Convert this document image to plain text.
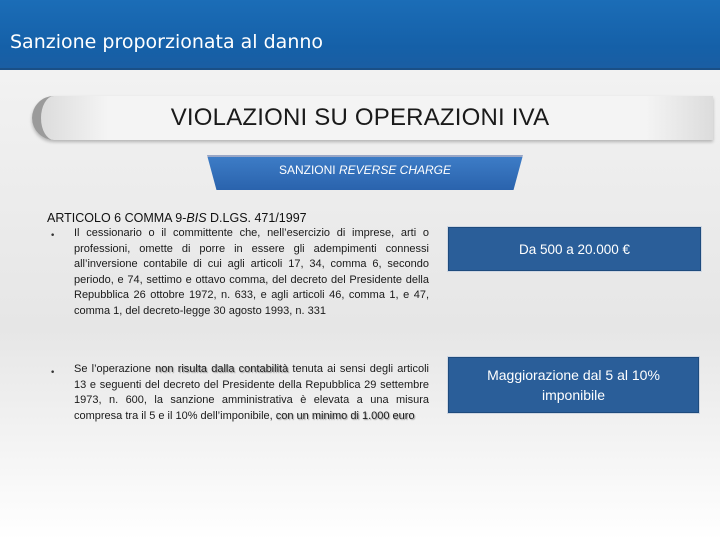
Sanzione proporzionata al danno
VIOLAZIONI SU OPERAZIONI IVA
SANZIONI REVERSE CHARGE
ARTICOLO 6 COMMA 9-BIS D.LGS. 471/1997
• Il cessionario o il committente che, nell’esercizio di imprese, arti o professioni, omette di porre in essere gli adempimenti connessi all’inversione contabile di cui agli articoli 17, 34, comma 6, secondo periodo, e 74, settimo e ottavo comma, del decreto del Presidente della Repubblica 26 ottobre 1972, n. 633, e agli articoli 46, comma 1, e 47, comma 1, del decreto-legge 30 agosto 1993, n. 331
• Se l’operazione non risulta dalla contabilità tenuta ai sensi degli articoli 13 e seguenti del decreto del Presidente della Repubblica 29 settembre 1973, n. 600, la sanzione amministrativa è elevata a una misura compresa tra il 5 e il 10% dell’imponibile, con un minimo di 1.000 euro
Da 500 a 20.000 €
Maggiorazione dal 5 al 10% imponibile
